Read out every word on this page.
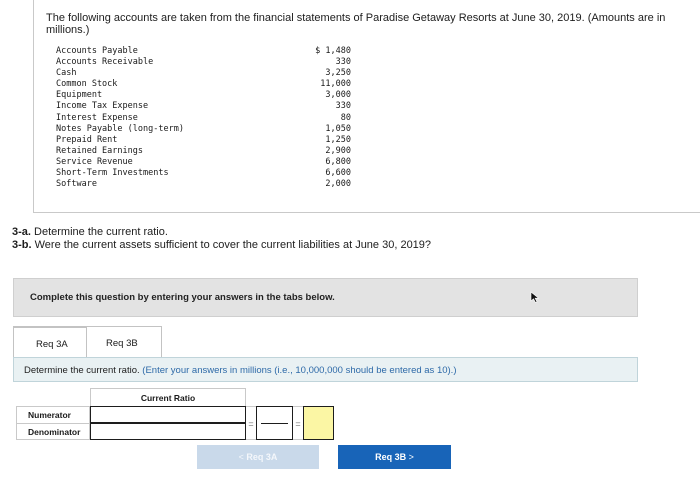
The following accounts are taken from the financial statements of Paradise Getaway Resorts at June 30, 2019. (Amounts are in millions.)

Accounts Payable	$ 1,480
Accounts Receivable	330
Cash	3,250
Common Stock	11,000
Equipment	3,000
Income Tax Expense	330
Interest Expense	80
Notes Payable (long-term)	1,050
Prepaid Rent	1,250
Retained Earnings	2,900
Service Revenue	6,800
Short-Term Investments	6,600
Software	2,000
3-a. Determine the current ratio.
3-b. Were the current assets sufficient to cover the current liabilities at June 30, 2019?
Complete this question by entering your answers in the tabs below.
Req 3A	Req 3B
Determine the current ratio. (Enter your answers in millions (i.e., 10,000,000 should be entered as 10).)
Current Ratio
Numerator
Denominator
=	=
< Req 3A	Req 3B >
